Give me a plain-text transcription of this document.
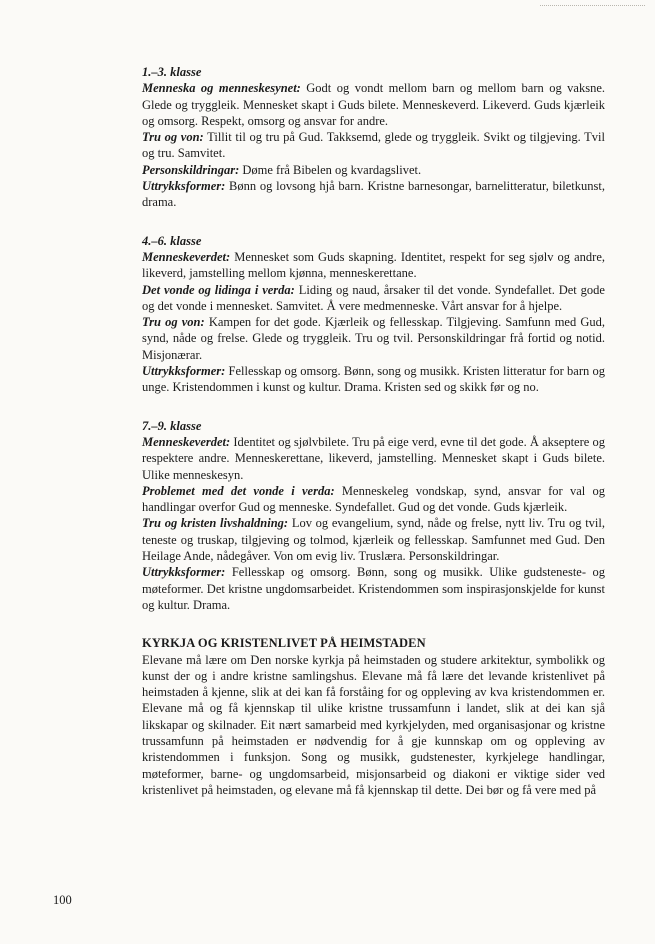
1.–3. klasse

Menneska og menneskesynet: Godt og vondt mellom barn og mellom barn og vaksne. Glede og tryggleik. Mennesket skapt i Guds bilete. Menneskeverd. Likeverd. Guds kjærleik og omsorg. Respekt, omsorg og ansvar for andre.

Tru og von: Tillit til og tru på Gud. Takksemd, glede og tryggleik. Svikt og tilgjeving. Tvil og tru. Samvitet.

Personskildringar: Døme frå Bibelen og kvardagslivet.

Uttrykksformer: Bønn og lovsong hjå barn. Kristne barnesongar, barnelitteratur, biletkunst, drama.

4.–6. klasse

Menneskeverdet: Mennesket som Guds skapning. Identitet, respekt for seg sjølv og andre, likeverd, jamstelling mellom kjønna, menneskerettane.

Det vonde og lidinga i verda: Liding og naud, årsaker til det vonde. Syndefallet. Det gode og det vonde i mennesket. Samvitet. Å vere medmenneske. Vårt ansvar for å hjelpe.

Tru og von: Kampen for det gode. Kjærleik og fellesskap. Tilgjeving. Samfunn med Gud, synd, nåde og frelse. Glede og tryggleik. Tru og tvil. Personskildringar frå fortid og notid. Misjonærar.

Uttrykksformer: Fellesskap og omsorg. Bønn, song og musikk. Kristen litteratur for barn og unge. Kristendommen i kunst og kultur. Drama. Kristen sed og skikk før og no.

7.–9. klasse

Menneskeverdet: Identitet og sjølvbilete. Tru på eige verd, evne til det gode. Å akseptere og respektere andre. Menneskerettane, likeverd, jamstelling. Mennesket skapt i Guds bilete. Ulike menneskesyn.

Problemet med det vonde i verda: Menneskeleg vondskap, synd, ansvar for val og handlingar overfor Gud og menneske. Syndefallet. Gud og det vonde. Guds kjærleik.

Tru og kristen livshaldning: Lov og evangelium, synd, nåde og frelse, nytt liv. Tru og tvil, teneste og truskap, tilgjeving og tolmod, kjærleik og fellesskap. Samfunnet med Gud. Den Heilage Ande, nådegåver. Von om evig liv. Truslæra. Personskildringar.

Uttrykksformer: Fellesskap og omsorg. Bønn, song og musikk. Ulike gudsteneste- og møteformer. Det kristne ungdomsarbeidet. Kristendommen som inspirasjonskjelde for kunst og kultur. Drama.

KYRKJA OG KRISTENLIVET PÅ HEIMSTADEN

Elevane må lære om Den norske kyrkja på heimstaden og studere arkitektur, symbolikk og kunst der og i andre kristne samlingshus. Elevane må få lære det levande kristenlivet på heimstaden å kjenne, slik at dei kan få forståing for og oppleving av kva kristendommen er. Elevane må og få kjennskap til ulike kristne trussamfunn i landet, slik at dei kan sjå likskapar og skilnader. Eit nært samarbeid med kyrkjelyden, med organisasjonar og kristne trussamfunn på heimstaden er nødvendig for å gje kunnskap om og oppleving av kristendommen i funksjon. Song og musikk, gudstenester, kyrkjelege handlingar, møteformer, barne- og ungdomsarbeid, misjonsarbeid og diakoni er viktige sider ved kristenlivet på heimstaden, og elevane må få kjennskap til dette. Dei bør og få vere med på

100
